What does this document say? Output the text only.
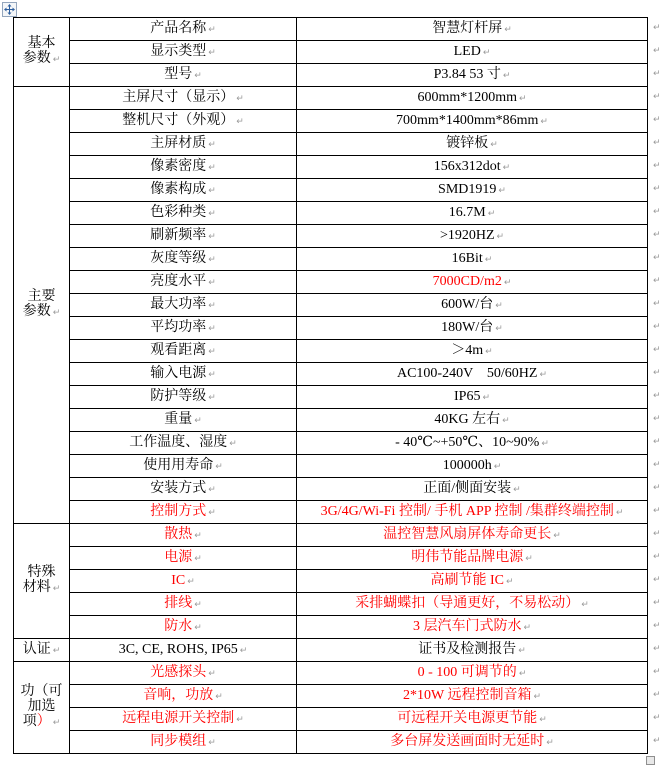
基本
参数 ↵	产品名称 ↵	智慧灯杆屏 ↵
	显示类型 ↵	LED ↵
	型号 ↵	P3.84 53 寸 ↵

主要
参数 ↵	主屏尺寸（显示） ↵	600mm*1200mm ↵
	整机尺寸（外观） ↵	700mm*1400mm*86mm ↵
	主屏材质 ↵	镀锌板 ↵
	像素密度 ↵	156x312dot ↵
	像素构成 ↵	SMD1919 ↵
	色彩种类 ↵	16.7M ↵
	刷新频率 ↵	>1920HZ ↵
	灰度等级 ↵	16Bit ↵
	亮度水平 ↵	7000CD/m2 ↵
	最大功率 ↵	600W/台 ↵
	平均功率 ↵	180W/台 ↵
	观看距离 ↵	＞4m ↵
	输入电源 ↵	AC100-240V    50/60HZ ↵
	防护等级 ↵	IP65 ↵
	重量 ↵	40KG 左右 ↵
	工作温度、湿度 ↵	- 40℃~+50℃、10~90% ↵
	使用用寿命 ↵	100000h ↵
	安装方式 ↵	正面/侧面安装 ↵
	控制方式 ↵	3G/4G/Wi-Fi 控制/ 手机 APP 控制 /集群终端控制 ↵

特殊
材料 ↵	散热 ↵	温控智慧风扇屏体寿命更长 ↵
	电源 ↵	明伟节能品牌电源 ↵
	IC ↵	高刷节能 IC ↵
	排线 ↵	采排蝴蝶扣（导通更好，不易松动） ↵
	防水 ↵	3 层汽车门式防水 ↵

认证 ↵	3C, CE, ROHS, IP65 ↵	证书及检测报告 ↵

功（可
加选
项） ↵	光感探头 ↵	0 - 100 可调节的 ↵
	音响，功放 ↵	2*10W 远程控制音箱 ↵
	远程电源开关控制 ↵	可远程开关电源更节能 ↵
	同步模组 ↵	多台屏发送画面时无延时 ↵
↵
↵
↵
↵
↵
↵
↵
↵
↵
↵
↵
↵
↵
↵
↵
↵
↵
↵
↵
↵
↵
↵
↵
↵
↵
↵
↵
↵
↵
↵
↵
↵
